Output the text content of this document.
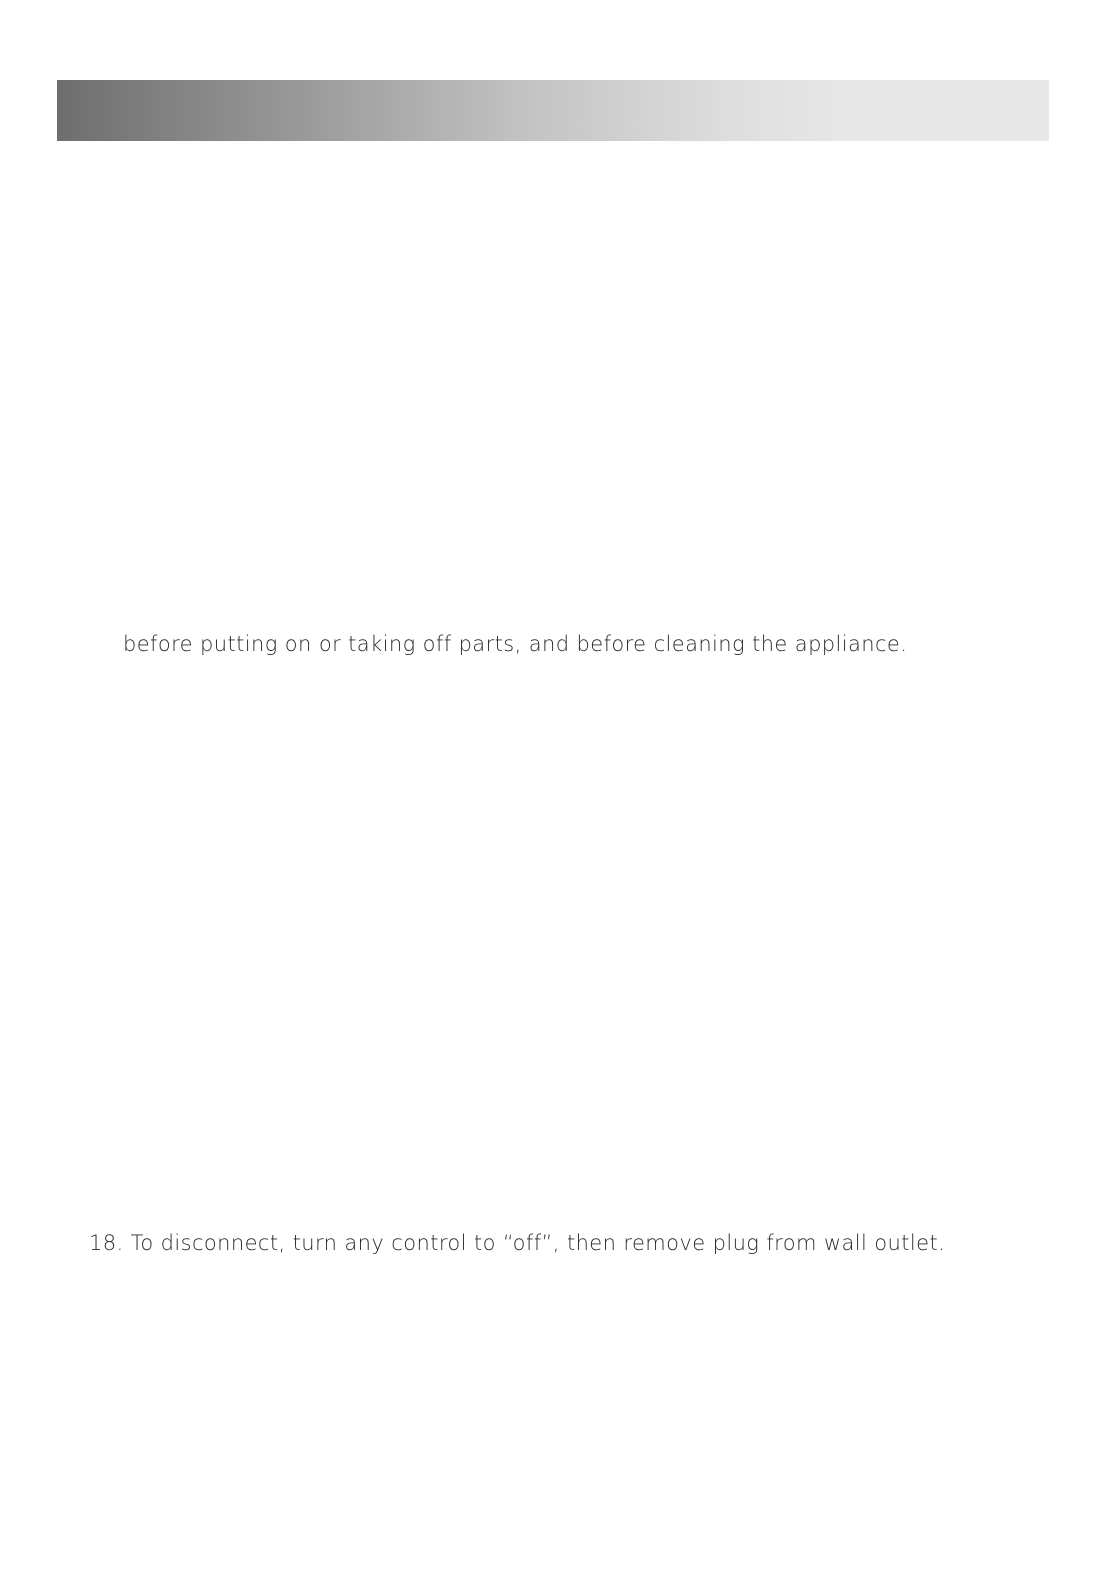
before putting on or taking off parts, and before cleaning the appliance.
18. To disconnect, turn any control to “off”, then remove plug from wall outlet.
